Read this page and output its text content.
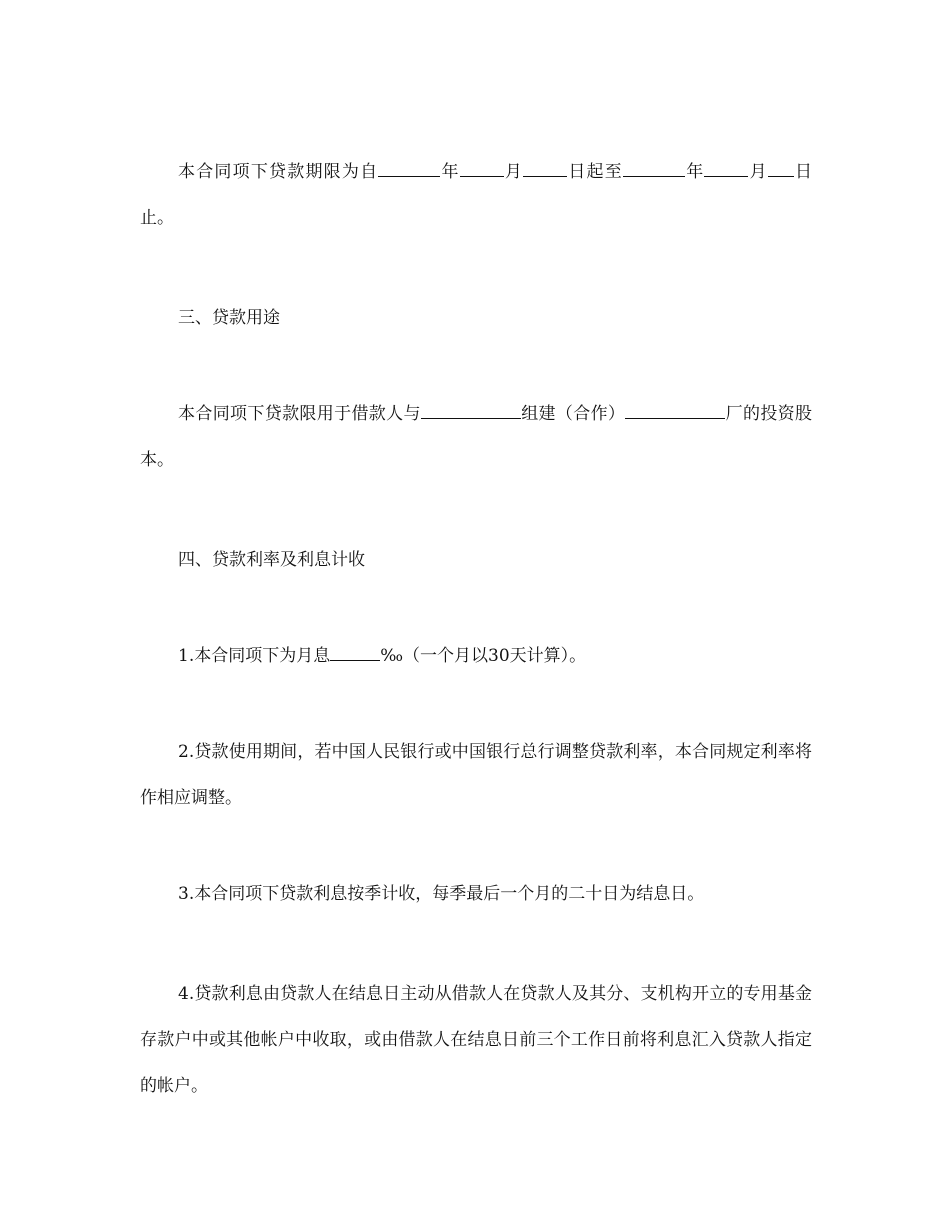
本合同项下贷款期限为自	年	月	日起至	年	月 日止。

三、贷款用途

本合同项下贷款限用于借款人与	组建（合作）	厂的投资股本。

四、贷款利率及利息计收

1.本合同项下为月息	‰（一个月以30天计算）。

2.贷款使用期间，若中国人民银行或中国银行总行调整贷款利率，本合同规定利率将作相应调整。

3.本合同项下贷款利息按季计收，每季最后一个月的二十日为结息日。

4.贷款利息由贷款人在结息日主动从借款人在贷款人及其分、支机构开立的专用基金存款户中或其他帐户中收取，或由借款人在结息日前三个工作日前将利息汇入贷款人指定的帐户。
